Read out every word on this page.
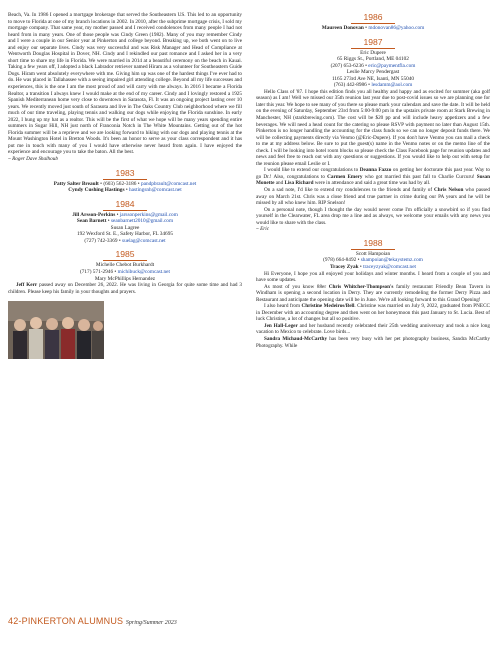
Beach, Va. In 1986 I opened a mortgage brokerage that served the Southeastern US. This led to an opportunity to move to Florida at one of my branch locations in 2002. In 2010, after the subprime mortgage crisis, I sold my mortgage company. That same year, my mother passed and I received condolences from many people I had not heard from in many years. One of those people was Cindy Green (1982). Many of you may remember Cindy and I were a couple in our Senior year at Pinkerton and college beyond. Breaking up, we both went on to live and enjoy our separate lives. Cindy was very successful and was Risk Manager and Head of Compliance at Wentworth Douglas Hospital in Dover, NH. Cindy and I rekindled our past romance and I asked her in a very short time to share my life in Florida. We were married in 2014 at a beautiful ceremony on the beach in Kauai. Taking a few years off, I adopted a black Labrador retriever named Hiram as a volunteer for Southeastern Guide Dogs. Hiram went absolutely everywhere with me. Giving him up was one of the hardest things I've ever had to do. He was placed in Tallahassee with a seeing impaired girl attending college. Beyond all my life successes and experiences, this is the one I am the most proud of and will carry with me always. In 2016 I became a Florida Realtor, a transition I always knew I would make at the end of my career. Cindy and I lovingly restored a 1925 Spanish Mediterranean home very close to downtown in Sarasota, Fl. It was an ongoing project lasting over 10 years. We recently moved just south of Sarasota and live in The Oaks Country Club neighborhood where we fill much of our time traveling, playing tennis and walking our dogs while enjoying the Florida sunshine. In early 2022, I hung up my hat as a realtor. This will be the first of what we hope will be many years spending entire summers in Sugar Hill, NH just north of Franconia Notch in The White Mountains. Getting out of the hot Florida summer will be a reprieve and we are looking forward to hiking with our dogs and playing tennis at the Mount Washington Hotel in Bretton Woods. It's been an honor to serve as your class correspondent and it has put me in touch with many of you I would have otherwise never heard from again. I have enjoyed the experience and encourage you to take the baton. All the best.

~ Roger Dave Shalhoub

1983
Patty Salter Breault • (603) 562-3186 • pandpbrault@comcast.net
Cyndy Cushing Hastings • hastingsnh@comcast.net
1984
Jill Arsson-Perkins • jarssonperkins@gmail.com
Sean Barnett • seanbarnett2010@gmail.com
Susan Lagree
192 Wexford St. E., Safety Harbor, FL 34695
(727) 742-3369 • suelag@comcast.net
1985
Michelle Chebot Burkhardt
(717) 571-2946 • michibuck@comcast.net
Mary McPhillips Hernandez

Jeff Kerr passed away on December 26, 2022. He was living in Georgia for quite some time and had 3 children. Please keep his family in your thoughts and prayers.

1986
Maureen Donovan • mdonovan86@yahoo.com
1987
Eric Dupere
65 Riggs St., Portland, ME 04102
(207) 653-6236 • eric@paymentfla.com
Leslie Marcy Pendergast
1165 273rd Ave NE, Isanti, MN 55040
(763) 442-8986 • lesdamm@aol.com

Hello Class of '87. I hope this edition finds you all healthy and happy and as excited for summer (aka golf season) as I am! Well we missed our 35th reunion last year due to post-covid issues so we are planning one for later this year. We hope to see many of you there so please mark your calendars and save the date. It will be held on the evening of Saturday, September 23rd from 5:00-9:00 pm in the upstairs private room at Stark Brewing in Manchester, NH (starkbrewing.com). The cost will be $20 pp and will include heavy appetizers and a few beverages. We will need a head count for the catering so please RSVP with payment no later than August 15th. Pinkerton is no longer handling the accounting for the class funds so we can no longer deposit funds there. We will be collecting payments directly via Venmo (@Eric-Dupere). If you don't have Venmo you can mail a check to me at my address below. Be sure to put the guest(s) name in the Venmo notes or on the memo line of the check. I will be looking into hotel room blocks so please check the Class Facebook page for reunion updates and news and feel free to reach out with any questions or suggestions. If you would like to help out with setup for the reunion please email Leslie or I.

I would like to extend our congratulations to Deanna Fazzo on getting her doctorate this past year. Way to go Dr.! Also, congratulations to Carmen Emery who got married this past fall to Charlie Curcuru! Susan Monette and Lisa Richard were in attendance and said a great time was had by all.

On a sad note, I'd like to extend my condolences to the friends and family of Chris Nelson who passed away on March 21st. Chris was a close friend and true partner in crime during our PA years and he will be missed by all who knew him. RIP Snelson!

On a personal note, though I thought the day would never come I'm officially a snowbird so if you find yourself in the Clearwater, FL area drop me a line and as always, we welcome your emails with any news you would like to share with the class.

~ Eric

1988
Scott Hampoian
(978) 664-8492 • shampoian@tekaystemz.com
Tracey Zyak • traceyzyak@comcast.net

Hi Everyone, I hope you all enjoyed your holidays and winter months. I heard from a couple of you and have some updates.

As most of you know 88er Chris Whitcher-Thompson's family restaurant Friendly Bean Tavern in Windham is opening a second location in Derry. They are currently remodeling the former Derry Pizza and Restaurant and anticipate the opening date will be in June. We're all looking forward to this Grand Opening!

I also heard from Christine Medeiros/Bell. Christine was married on July 9, 2022, graduated from PNECC in December with an accounting degree and then went on her honeymoon this past January to St. Lucia. Best of luck Christine, a lot of changes but all so positive.

Jen Hall-Leger and her husband recently celebrated their 25th wedding anniversary and took a nice long vacation to Mexico to celebrate. Love birds...

Sandra Michaud-McCarthy has been very busy with her pet photography business, Sandra McCarthy Photography. While

42-PINKERTON ALUMNUS Spring/Summer 2023
